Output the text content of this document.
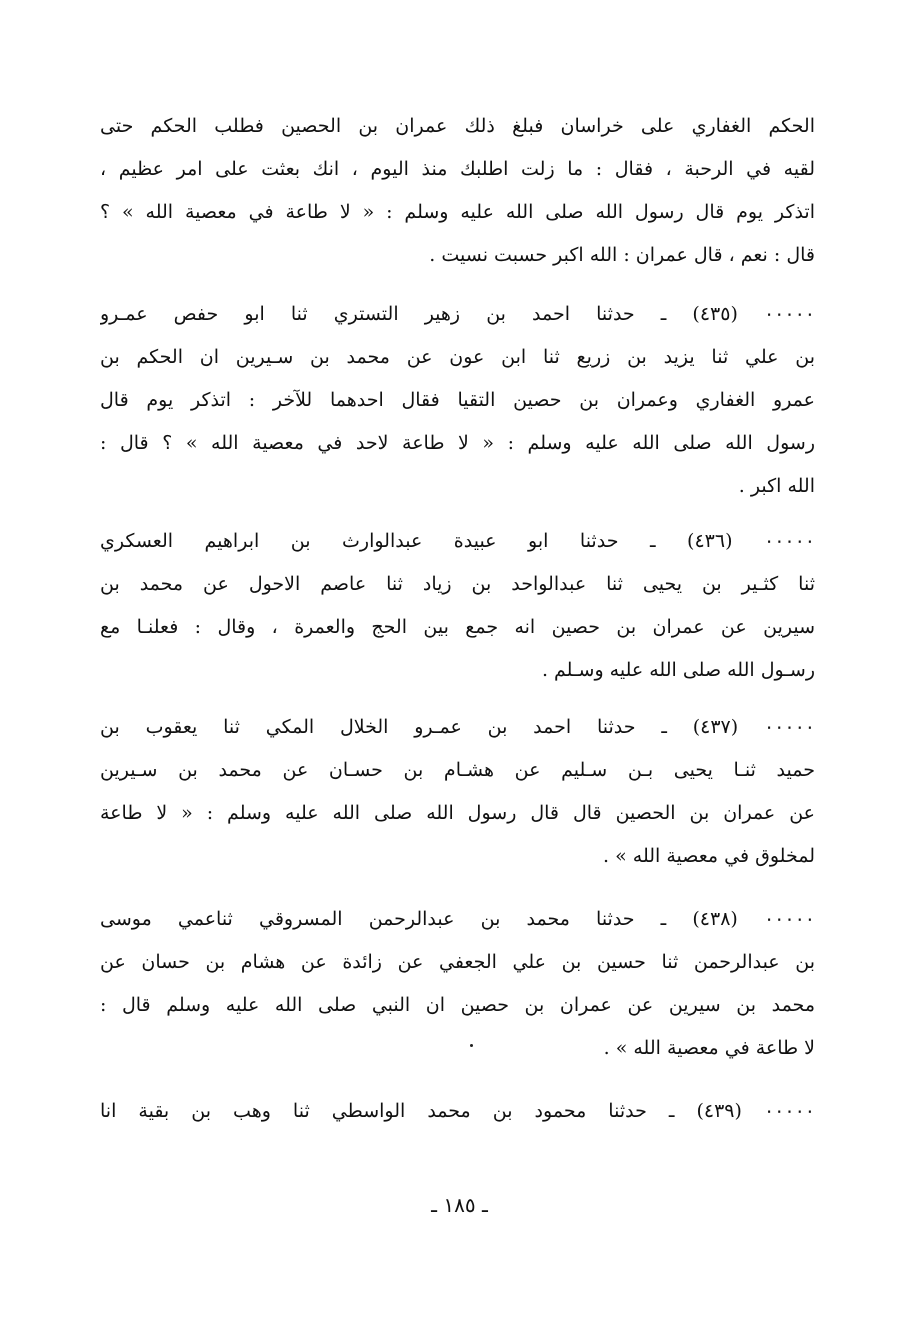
الحكم الغفاري على خراسان فبلغ ذلك عمران بن الحصين فطلب الحكم حتى
لقيه في الرحبة ، فقال : ما زلت اطلبك منذ اليوم ، انك بعثت على امر عظيم ،
اتذكر يوم قال رسول الله صلى الله عليه وسلم : « لا طاعة في معصية الله » ؟
قال : نعم ، قال عمران : الله اكبر حسبت نسيت .
٠٠٠٠٠ (٤٣٥) ـ حدثنا احمد بن زهير التستري ثنا ابو حفص عمـرو
بن علي ثنا يزيد بن زريع ثنا ابن عون عن محمد بن سـيرين ان الحكم بن
عمرو الغفاري وعمران بن حصين التقيا فقال احدهما للآخر : اتذكر يوم قال
رسول الله صلى الله عليه وسلم : « لا طاعة لاحد في معصية الله » ؟ قال :
الله اكبر .
٠٠٠٠٠ (٤٣٦) ـ حدثنا ابو عبيدة عبدالوارث بن ابراهيم العسكري
ثنا كثـير بن يحيى ثنا عبدالواحد بن زياد ثنا عاصم الاحول عن محمد بن
سيرين عن عمران بن حصين انه جمع بين الحج والعمرة ، وقال : فعلنـا مع
رسـول الله صلى الله عليه وسـلم .
٠٠٠٠٠ (٤٣٧) ـ حدثنا احمد بن عمـرو الخلال المكي ثنا يعقوب بن
حميد ثنـا يحيى بـن سـليم عن هشـام بن حسـان عن محمد بن سـيرين
عن عمران بن الحصين قال قال رسول الله صلى الله عليه وسلم : « لا طاعة
لمخلوق في معصية الله » .
٠٠٠٠٠ (٤٣٨) ـ حدثنا محمد بن عبدالرحمن المسروقي ثناعمي موسى
بن عبدالرحمن ثنا حسين بن علي الجعفي عن زائدة عن هشام بن حسان عن
محمد بن سيرين عن عمران بن حصين ان النبي صلى الله عليه وسلم قال :
لا طاعة في معصية الله » .
٠٠٠٠٠ (٤٣٩) ـ حدثنا محمود بن محمد الواسطي ثنا وهب بن بقية انا
ـ ١٨٥ ـ
